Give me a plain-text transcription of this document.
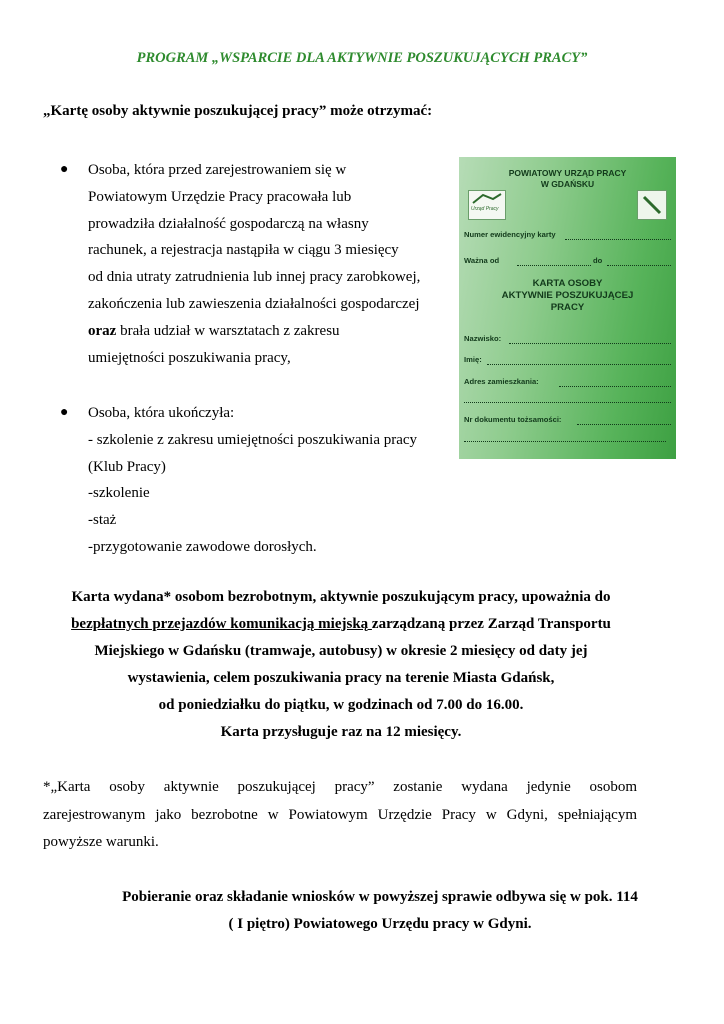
PROGRAM „WSPARCIE DLA AKTYWNIE POSZUKUJĄCYCH PRACY”
„Kartę osoby aktywnie poszukującej pracy” może otrzymać:
● Osoba, która przed zarejestrowaniem się w
Powiatowym Urzędzie Pracy pracowała lub
prowadziła działalność gospodarczą na własny
rachunek, a rejestracja nastąpiła w ciągu 3 miesięcy
od dnia utraty zatrudnienia lub innej pracy zarobkowej,
zakończenia lub zawieszenia działalności gospodarczej
oraz brała udział w warsztatach z zakresu
umiejętności poszukiwania pracy,
● Osoba, która ukończyła:
- szkolenie z zakresu umiejętności poszukiwania pracy
(Klub Pracy)
-szkolenie
-staż
-przygotowanie zawodowe dorosłych.
POWIATOWY URZĄD PRACY
W GDAŃSKU
Urząd Pracy
Numer ewidencyjny karty
Ważna od	do
KARTA OSOBY
AKTYWNIE POSZUKUJĄCEJ
PRACY
Nazwisko:
Imię:
Adres zamieszkania:
Nr dokumentu tożsamości:
Karta wydana* osobom bezrobotnym, aktywnie poszukującym pracy, upoważnia do
bezpłatnych przejazdów komunikacją miejską zarządzaną przez Zarząd Transportu
Miejskiego w Gdańsku (tramwaje, autobusy) w okresie 2 miesięcy od daty jej
wystawienia, celem poszukiwania pracy na terenie Miasta Gdańsk,
od poniedziałku do piątku, w godzinach od 7.00 do 16.00.
Karta przysługuje raz na 12 miesięcy.
*„Karta osoby aktywnie poszukującej pracy” zostanie wydana jedynie osobom
zarejestrowanym jako bezrobotne w Powiatowym Urzędzie Pracy w Gdyni, spełniającym
powyższe warunki.
Pobieranie oraz składanie wniosków w powyższej sprawie odbywa się w pok. 114
( I piętro) Powiatowego Urzędu pracy w Gdyni.
